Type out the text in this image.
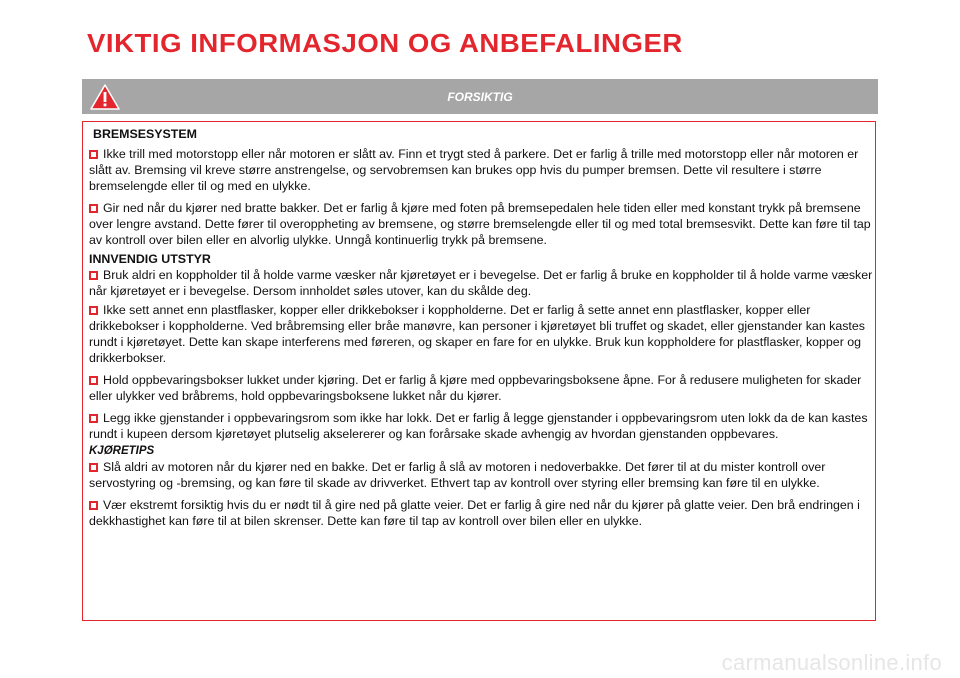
VIKTIG INFORMASJON OG ANBEFALINGER
FORSIKTIG
BREMSESYSTEM

Ikke trill med motorstopp eller når motoren er slått av. Finn et trygt sted å parkere. Det er farlig å trille med motorstopp eller når motoren er slått av. Bremsing vil kreve større anstrengelse, og servobremsen kan brukes opp hvis du pumper bremsen. Dette vil resultere i større bremselengde eller til og med en ulykke.

Gir ned når du kjører ned bratte bakker. Det er farlig å kjøre med foten på bremsepedalen hele tiden eller med konstant trykk på bremsene over lengre avstand. Dette fører til overoppheting av bremsene, og større bremselengde eller til og med total bremsesvikt. Dette kan føre til tap av kontroll over bilen eller en alvorlig ulykke. Unngå kontinuerlig trykk på bremsene.

INNVENDIG UTSTYR

Bruk aldri en koppholder til å holde varme væsker når kjøretøyet er i bevegelse. Det er farlig å bruke en koppholder til å holde varme væsker når kjøretøyet er i bevegelse. Dersom innholdet søles utover, kan du skålde deg.

Ikke sett annet enn plastflasker, kopper eller drikkebokser i koppholderne. Det er farlig å sette annet enn plastflasker, kopper eller drikkebokser i koppholderne. Ved bråbremsing eller bråe manøvre, kan personer i kjøretøyet bli truffet og skadet, eller gjenstander kan kastes rundt i kjøretøyet. Dette kan skape interferens med føreren, og skaper en fare for en ulykke. Bruk kun koppholdere for plastflasker, kopper og drikkerbokser.

Hold oppbevaringsbokser lukket under kjøring. Det er farlig å kjøre med oppbevaringsboksene åpne. For å redusere muligheten for skader eller ulykker ved bråbrems, hold oppbevaringsboksene lukket når du kjører.

Legg ikke gjenstander i oppbevaringsrom som ikke har lokk. Det er farlig å legge gjenstander i oppbevaringsrom uten lokk da de kan kastes rundt i kupeen dersom kjøretøyet plutselig akselererer og kan forårsake skade avhengig av hvordan gjenstanden oppbevares.

KJØRETIPS

Slå aldri av motoren når du kjører ned en bakke. Det er farlig å slå av motoren i nedoverbakke. Det fører til at du mister kontroll over servostyring og -bremsing, og kan føre til skade av drivverket. Ethvert tap av kontroll over styring eller bremsing kan føre til en ulykke.

Vær ekstremt forsiktig hvis du er nødt til å gire ned på glatte veier. Det er farlig å gire ned når du kjører på glatte veier. Den brå endringen i dekkhastighet kan føre til at bilen skrenser. Dette kan føre til tap av kontroll over bilen eller en ulykke.

carmanualsonline.info
